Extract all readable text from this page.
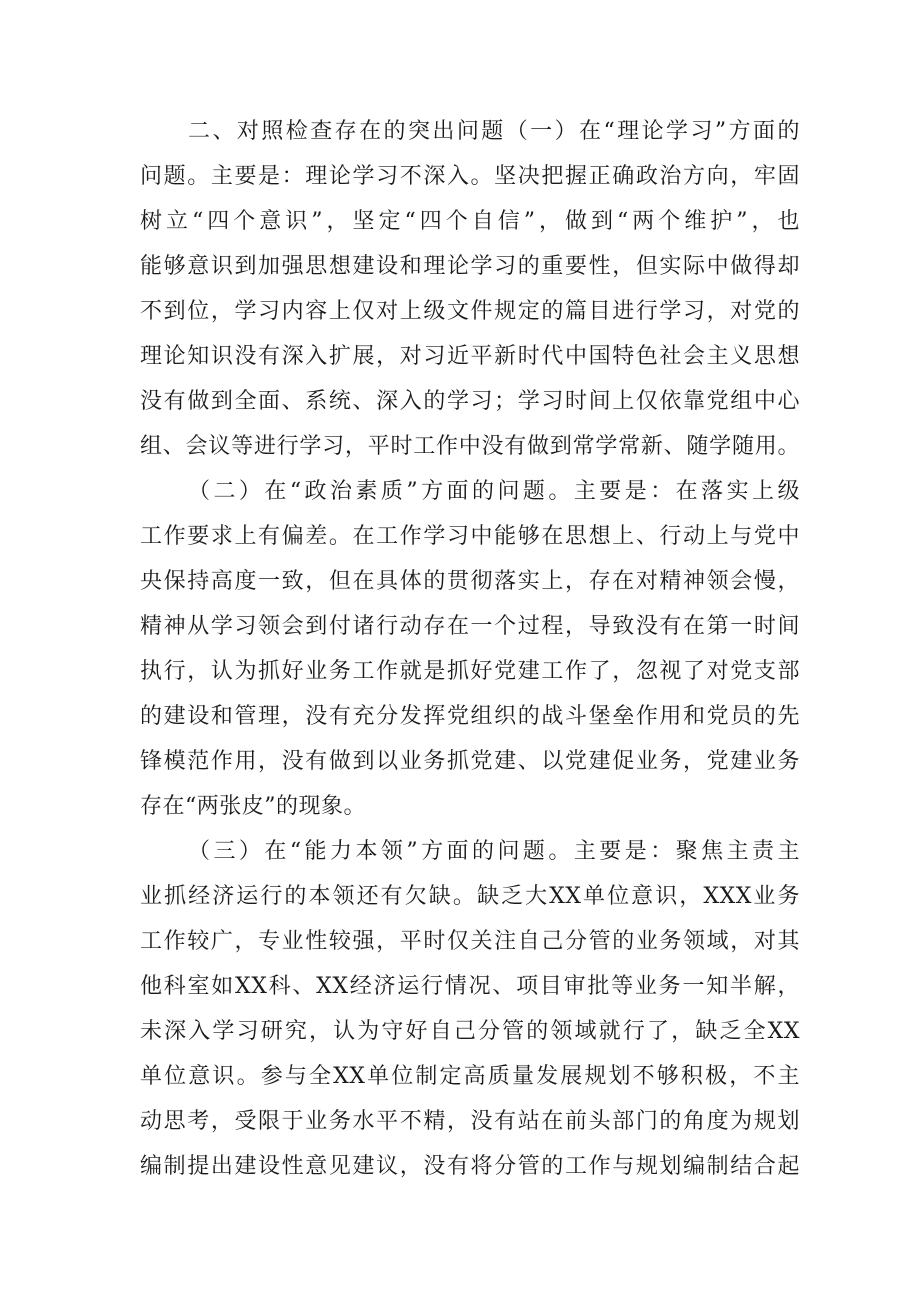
二、对照检查存在的突出问题（一）在“理论学习”方面的
问题。主要是：理论学习不深入。坚决把握正确政治方向，牢固
树立“四个意识”，坚定“四个自信”，做到“两个维护”，也
能够意识到加强思想建设和理论学习的重要性，但实际中做得却
不到位，学习内容上仅对上级文件规定的篇目进行学习，对党的
理论知识没有深入扩展，对习近平新时代中国特色社会主义思想
没有做到全面、系统、深入的学习；学习时间上仅依靠党组中心
组、会议等进行学习，平时工作中没有做到常学常新、随学随用。
（二）在“政治素质”方面的问题。主要是：在落实上级
工作要求上有偏差。在工作学习中能够在思想上、行动上与党中
央保持高度一致，但在具体的贯彻落实上，存在对精神领会慢，
精神从学习领会到付诸行动存在一个过程，导致没有在第一时间
执行，认为抓好业务工作就是抓好党建工作了，忽视了对党支部
的建设和管理，没有充分发挥党组织的战斗堡垒作用和党员的先
锋模范作用，没有做到以业务抓党建、以党建促业务，党建业务
存在“两张皮”的现象。
（三）在“能力本领”方面的问题。主要是：聚焦主责主
业抓经济运行的本领还有欠缺。缺乏大XX单位意识，XXX业务
工作较广，专业性较强，平时仅关注自己分管的业务领域，对其
他科室如XX科、XX经济运行情况、项目审批等业务一知半解，
未深入学习研究，认为守好自己分管的领域就行了，缺乏全XX
单位意识。参与全XX单位制定高质量发展规划不够积极，不主
动思考，受限于业务水平不精，没有站在前头部门的角度为规划
编制提出建设性意见建议，没有将分管的工作与规划编制结合起
